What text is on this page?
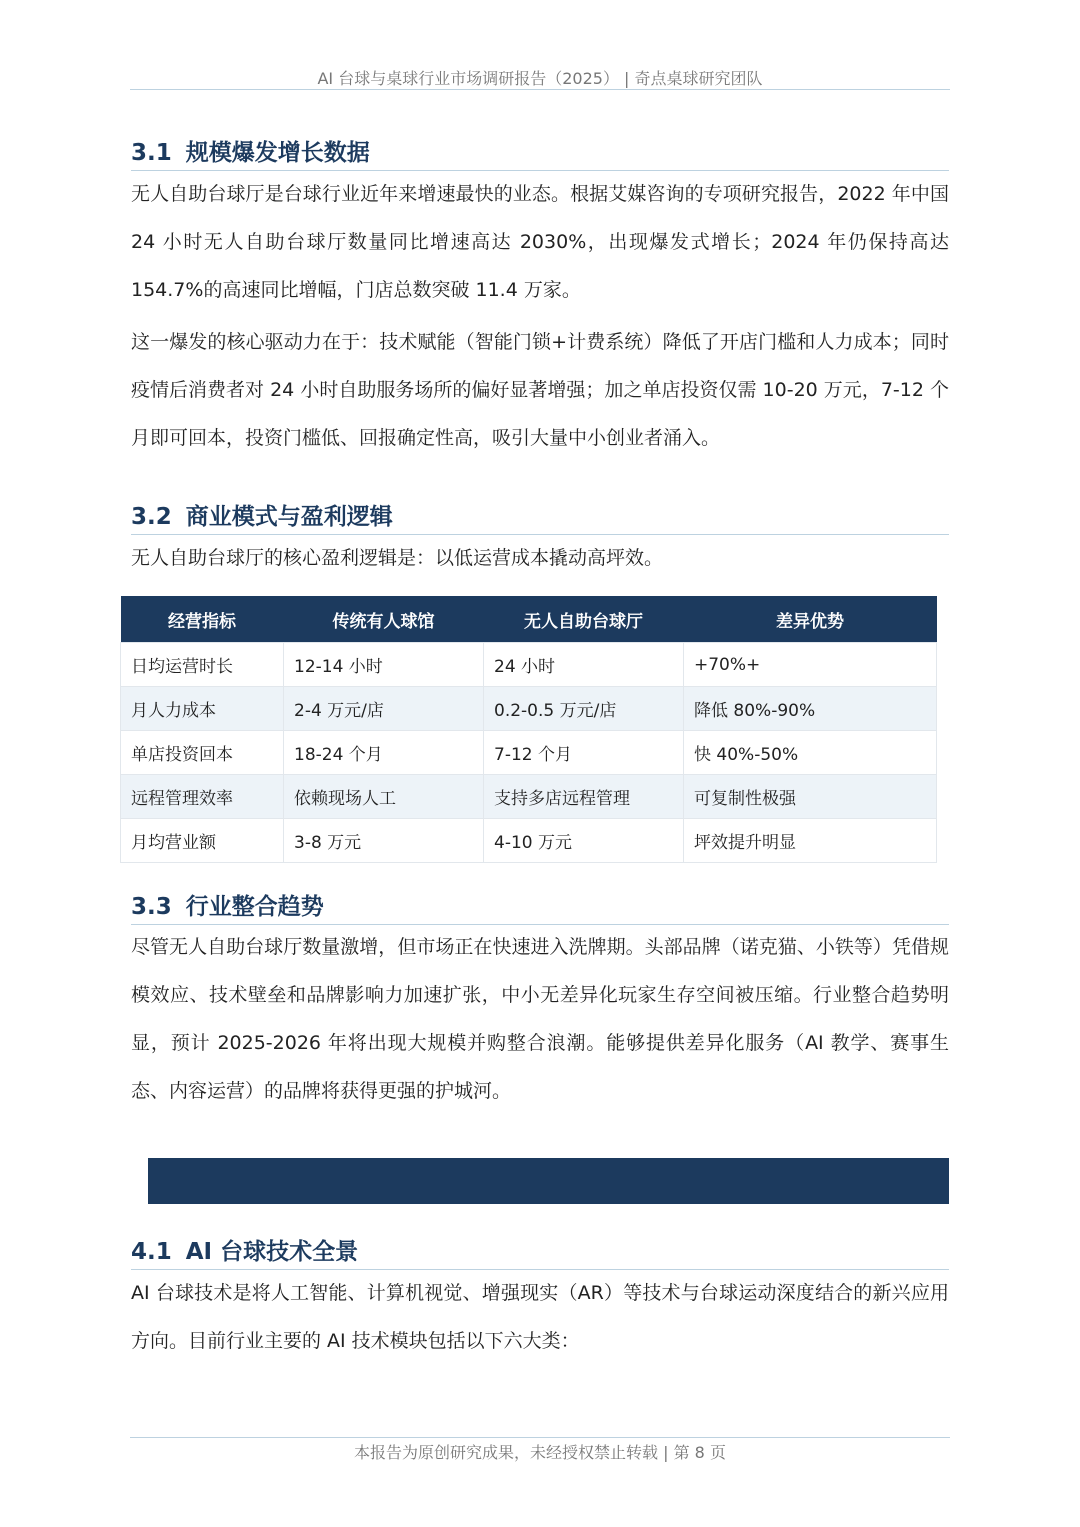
AI 台球与桌球行业市场调研报告（2025） | 奇点桌球研究团队
3.1 规模爆发增长数据

无人自助台球厅是台球行业近年来增速最快的业态。根据艾媒咨询的专项研究报告，2022 年中国 24 小时无人自助台球厅数量同比增速高达 2030%，出现爆发式增长；2024 年仍保持高达 154.7%的高速同比增幅，门店总数突破 11.4 万家。

这一爆发的核心驱动力在于：技术赋能（智能门锁+计费系统）降低了开店门槛和人力成本；同时疫情后消费者对 24 小时自助服务场所的偏好显著增强；加之单店投资仅需 10-20 万元，7-12 个月即可回本，投资门槛低、回报确定性高，吸引大量中小创业者涌入。

3.2 商业模式与盈利逻辑

无人自助台球厅的核心盈利逻辑是：以低运营成本撬动高坪效。

经营指标	传统有人球馆	无人自助台球厅	差异优势
日均运营时长	12-14 小时	24 小时	+70%+
月人力成本	2-4 万元/店	0.2-0.5 万元/店	降低 80%-90%
单店投资回本	18-24 个月	7-12 个月	快 40%-50%
远程管理效率	依赖现场人工	支持多店远程管理	可复制性极强
月均营业额	3-8 万元	4-10 万元	坪效提升明显
3.3 行业整合趋势

尽管无人自助台球厅数量激增，但市场正在快速进入洗牌期。头部品牌（诺克猫、小铁等）凭借规模效应、技术壁垒和品牌影响力加速扩张，中小无差异化玩家生存空间被压缩。行业整合趋势明显，预计 2025-2026 年将出现大规模并购整合浪潮。能够提供差异化服务（AI 教学、赛事生态、内容运营）的品牌将获得更强的护城河。

4.1 AI 台球技术全景

AI 台球技术是将人工智能、计算机视觉、增强现实（AR）等技术与台球运动深度结合的新兴应用方向。目前行业主要的 AI 技术模块包括以下六大类：

本报告为原创研究成果，未经授权禁止转载 | 第 8 页
